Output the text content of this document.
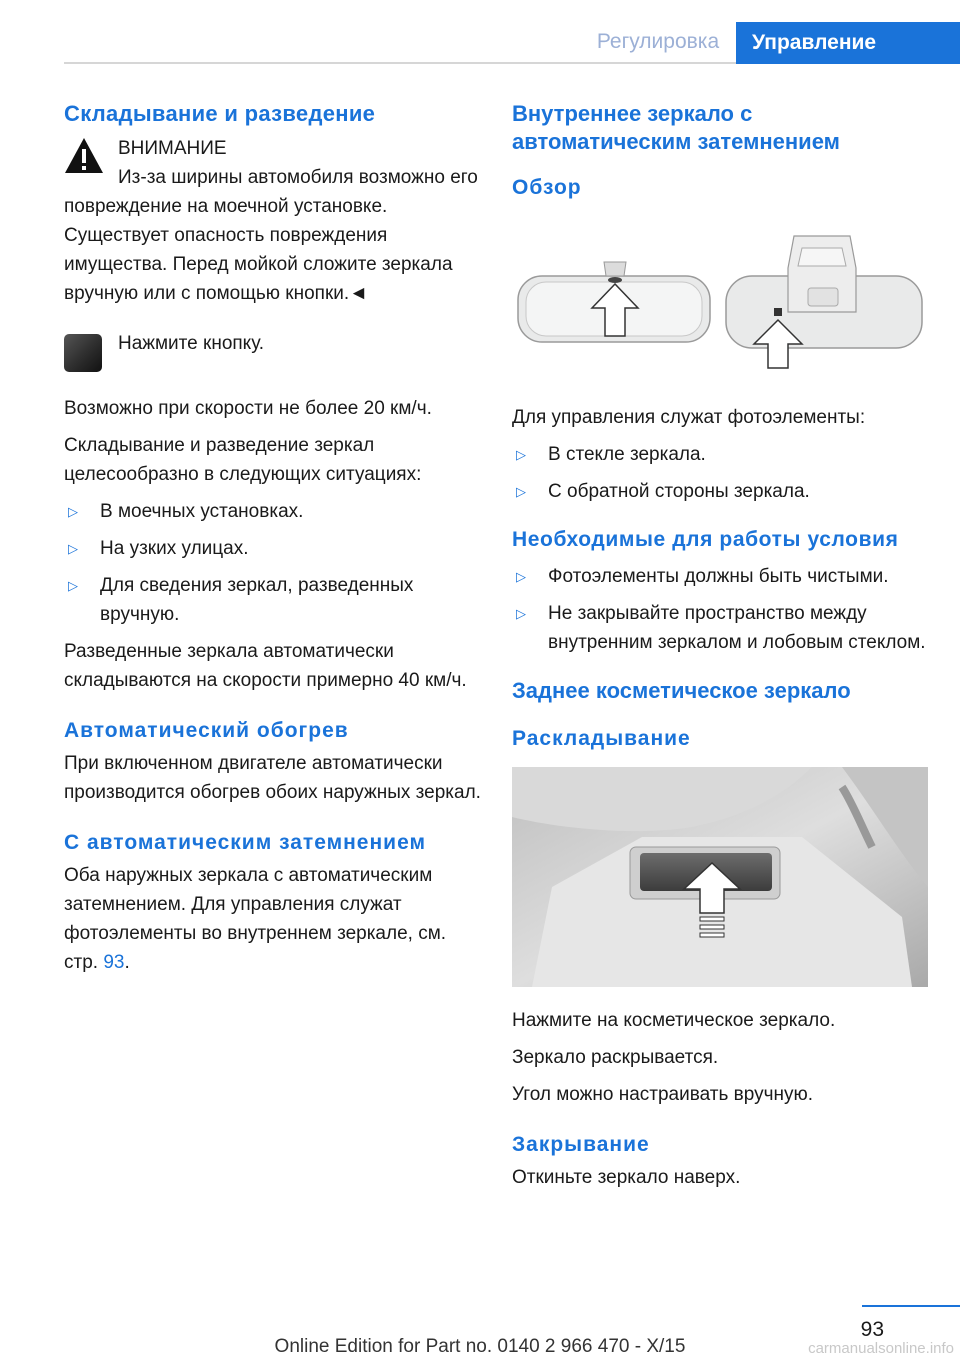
Регулировка	Управление
Складывание и разведение

ВНИМАНИЕ

Из-за ширины автомобиля возможно его повреждение на моечной установке. Существует опасность повреждения имущества. Перед мойкой сложите зеркала вручную или с помощью кнопки.◄

Нажмите кнопку.

Возможно при скорости не более 20 км/ч.

Складывание и разведение зеркал целесообразно в следующих ситуациях:

▷ В моечных установках.
▷ На узких улицах.
▷ Для сведения зеркал, разведенных вручную.

Разведенные зеркала автоматически складываются на скорости примерно 40 км/ч.

Автоматический обогрев

При включенном двигателе автоматически производится обогрев обоих наружных зеркал.

С автоматическим затемнением

Оба наружных зеркала с автоматическим затемнением. Для управления служат фотоэлементы во внутреннем зеркале, см. стр. 93.

Внутреннее зеркало с автоматическим затемнением
Обзор

Для управления служат фотоэлементы:

▷ В стекле зеркала.
▷ С обратной стороны зеркала.
Необходимые для работы условия
▷ Фотоэлементы должны быть чистыми.
▷ Не закрывайте пространство между внутренним зеркалом и лобовым стеклом.
Заднее косметическое зеркало
Раскладывание

Нажмите на косметическое зеркало.

Зеркало раскрывается.

Угол можно настраивать вручную.

Закрывание

Откиньте зеркало наверх.

93
Online Edition for Part no. 0140 2 966 470 - X/15	carmanualsonline.info
